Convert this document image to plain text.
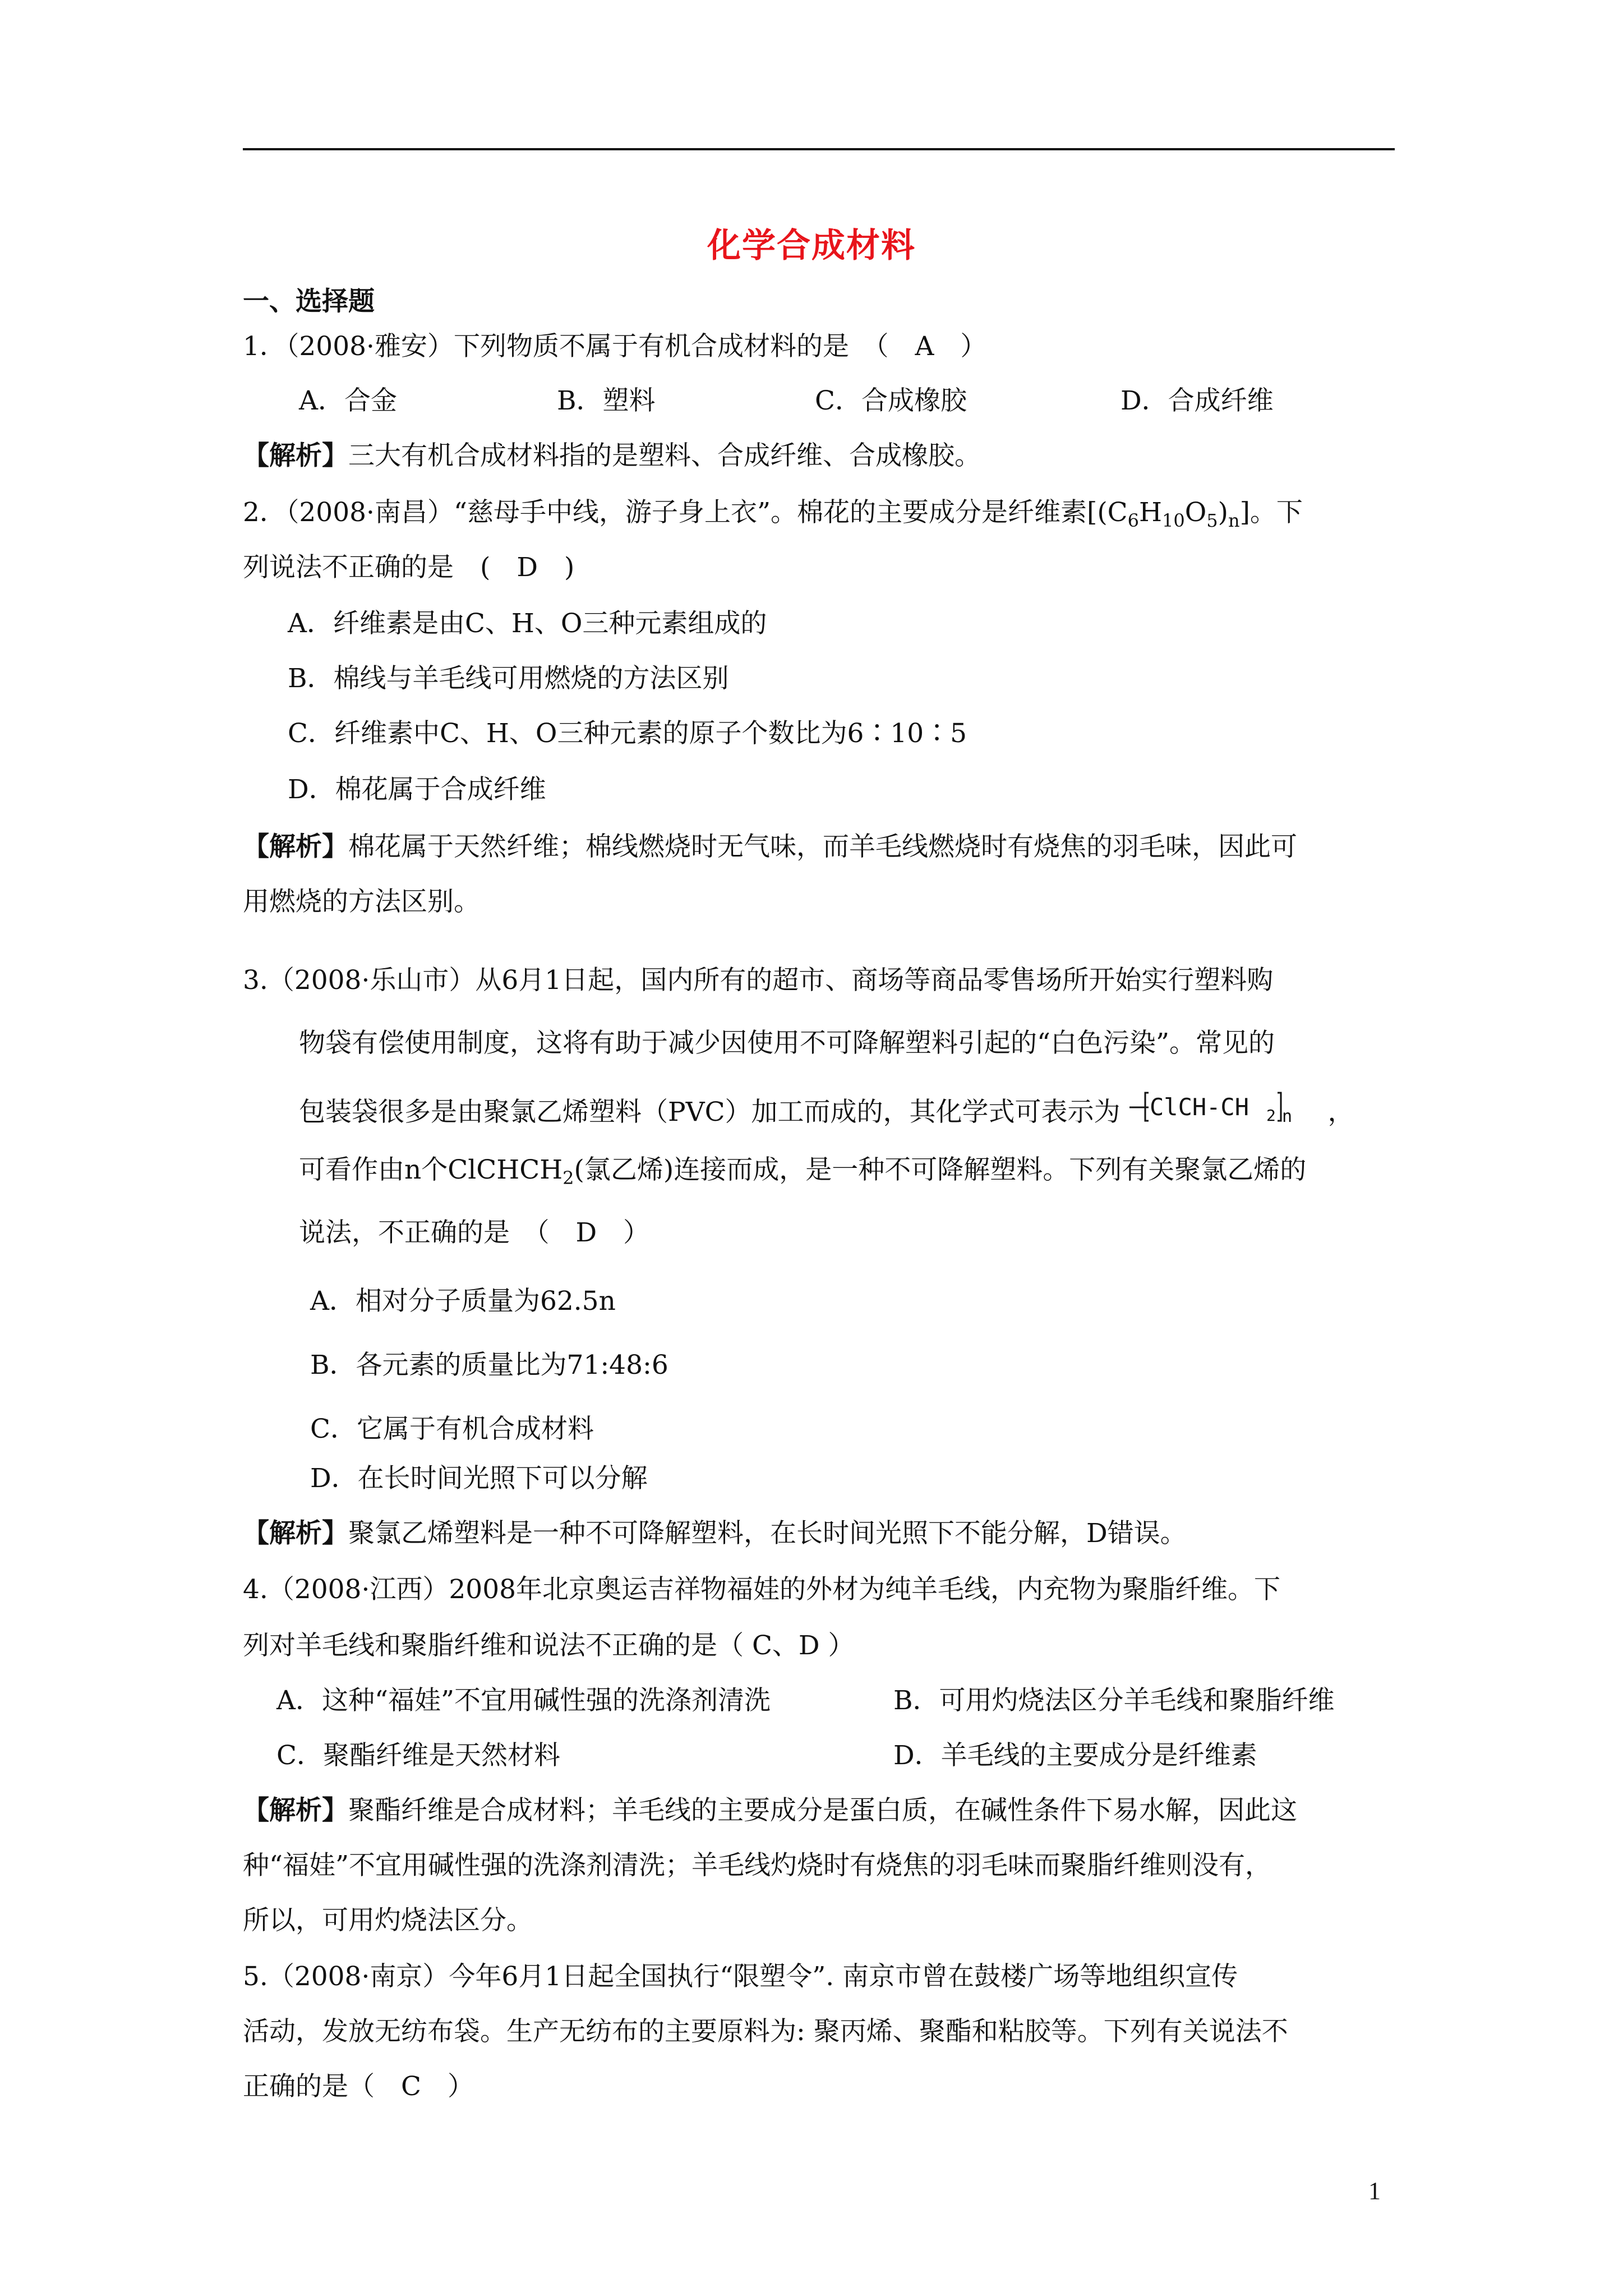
化学合成材料
一、选择题
1．（2008·雅安）下列物质不属于有机合成材料的是　（　A　）
A．合金	B．塑料	C．合成橡胶	D．合成纤维
【解析】三大有机合成材料指的是塑料、合成纤维、合成橡胶。
2．（2008·南昌）“慈母手中线，游子身上衣”。棉花的主要成分是纤维素$[(C_6H_{10}O_5)_n]$。下
列说法不正确的是　(　D　)
A．纤维素是由C、H、O三种元素组成的
B．棉线与羊毛线可用燃烧的方法区别
C．纤维素中C、H、O三种元素的原子个数比为6∶10∶5
D．棉花属于合成纤维
【解析】棉花属于天然纤维；棉线燃烧时无气味，而羊毛线燃烧时有烧焦的羽毛味，因此可
用燃烧的方法区别。
3.（2008·乐山市）从6月1日起，国内所有的超市、商场等商品零售场所开始实行塑料购
物袋有偿使用制度，这将有助于减少因使用不可降解塑料引起的“白色污染”。常见的
包装袋很多是由聚氯乙烯塑料（PVC）加工而成的，其化学式可表示为 ClCH-CH 2 n ，
可看作由n个ClCHCH$_2$(氯乙烯)连接而成，是一种不可降解塑料。下列有关聚氯乙烯的
说法，不正确的是　（　D　）
A．相对分子质量为62.5n
B．各元素的质量比为71:48:6
C．它属于有机合成材料
D．在长时间光照下可以分解
【解析】聚氯乙烯塑料是一种不可降解塑料，在长时间光照下不能分解，D错误。
4.（2008·江西）2008年北京奥运吉祥物福娃的外材为纯羊毛线，内充物为聚脂纤维。下
列对羊毛线和聚脂纤维和说法不正确的是（ C、D ）
A．这种“福娃”不宜用碱性强的洗涤剂清洗	B．可用灼烧法区分羊毛线和聚脂纤维
C．聚酯纤维是天然材料	D．羊毛线的主要成分是纤维素
【解析】聚酯纤维是合成材料；羊毛线的主要成分是蛋白质，在碱性条件下易水解，因此这
种“福娃”不宜用碱性强的洗涤剂清洗；羊毛线灼烧时有烧焦的羽毛味而聚脂纤维则没有，
所以，可用灼烧法区分。
5.（2008·南京）今年6月1日起全国执行“限塑令”. 南京市曾在鼓楼广场等地组织宣传
活动，发放无纺布袋。生产无纺布的主要原料为: 聚丙烯、聚酯和粘胶等。下列有关说法不
正确的是（　C　）
1
